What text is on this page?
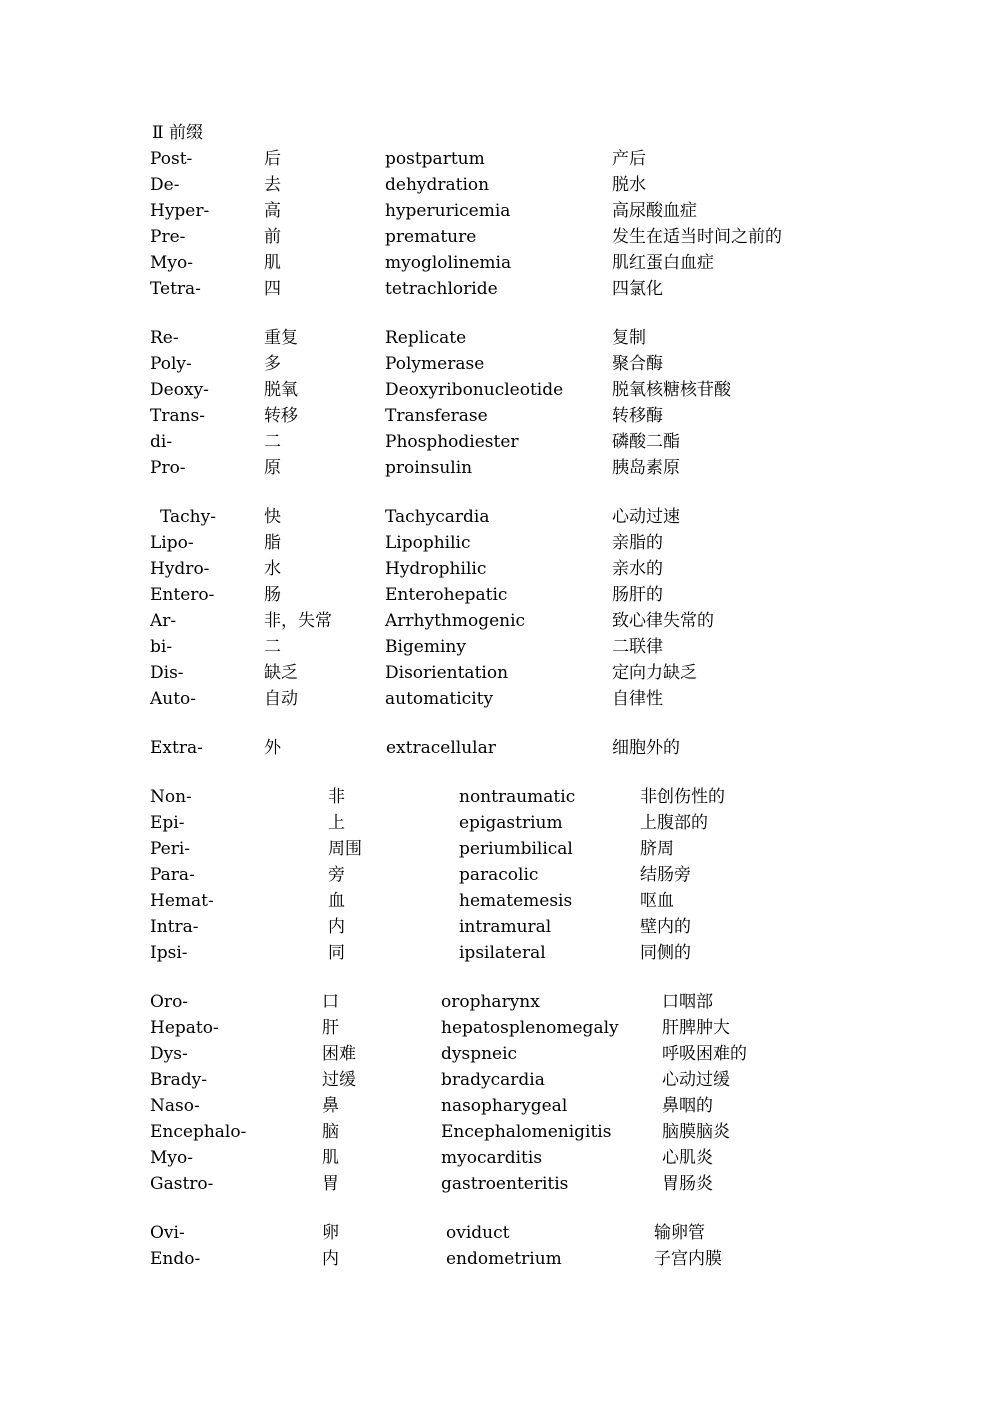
Ⅱ 前缀
Post-	后	postpartum	产后
De-	去	dehydration	脱水
Hyper-	高	hyperuricemia	高尿酸血症
Pre-	前	premature	发生在适当时间之前的
Myo-	肌	myoglolinemia	肌红蛋白血症
Tetra-	四	tetrachloride	四氯化
Re-	重复	Replicate	复制
Poly-	多	Polymerase	聚合酶
Deoxy-	脱氧	Deoxyribonucleotide	脱氧核糖核苷酸
Trans-	转移	Transferase	转移酶
di-	二	Phosphodiester	磷酸二酯
Pro-	原	proinsulin	胰岛素原
Tachy-	快	Tachycardia	心动过速
Lipo-	脂	Lipophilic	亲脂的
Hydro-	水	Hydrophilic	亲水的
Entero-	肠	Enterohepatic	肠肝的
Ar-	非，失常	Arrhythmogenic	致心律失常的
bi-	二	Bigeminy	二联律
Dis-	缺乏	Disorientation	定向力缺乏
Auto-	自动	automaticity	自律性
Extra-	外	extracellular	细胞外的
Non-	非	nontraumatic	非创伤性的
Epi-	上	epigastrium	上腹部的
Peri-	周围	periumbilical	脐周
Para-	旁	paracolic	结肠旁
Hemat-	血	hematemesis	呕血
Intra-	内	intramural	壁内的
Ipsi-	同	ipsilateral	同侧的
Oro-	口	oropharynx	口咽部
Hepato-	肝	hepatosplenomegaly	肝脾肿大
Dys-	困难	dyspneic	呼吸困难的
Brady-	过缓	bradycardia	心动过缓
Naso-	鼻	nasopharygeal	鼻咽的
Encephalo-	脑	Encephalomenigitis	脑膜脑炎
Myo-	肌	myocarditis	心肌炎
Gastro-	胃	gastroenteritis	胃肠炎
Ovi-	卵	oviduct	输卵管
Endo-	内	endometrium	子宫内膜
